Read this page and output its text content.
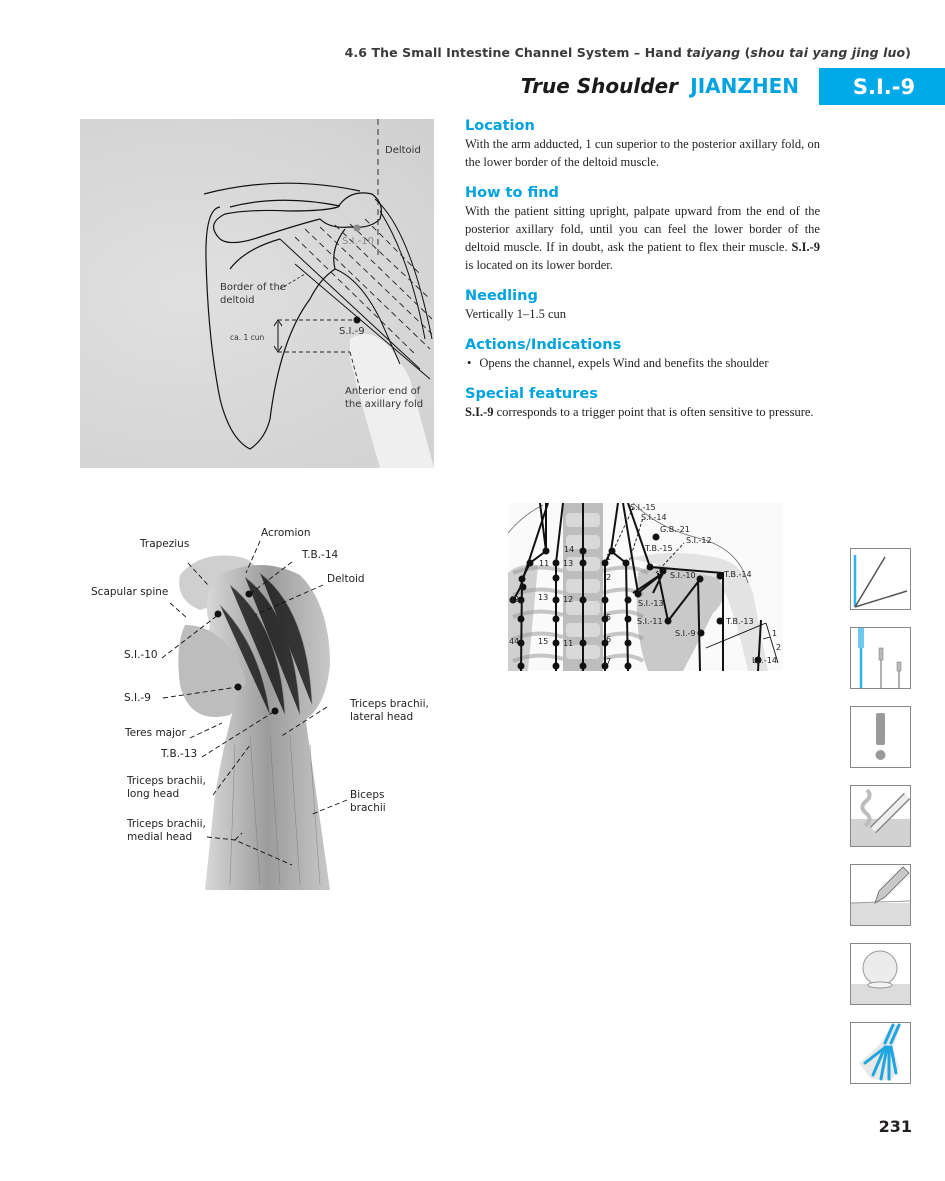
4.6 The Small Intestine Channel System – Hand taiyang (shou tai yang jing luo)
True Shoulder JIANZHEN	S.I.-9
Deltoid
S.I.-10
Border of the
deltoid
ca. 1 cun
S.I.-9
Anterior end of
the axillary fold
Location
With the arm adducted, 1 cun superior to the posterior axillary fold, on the lower border of the deltoid muscle.
How to find
With the patient sitting upright, palpate upward from the end of the posterior axillary fold, until you can feel the lower border of the deltoid muscle. If in doubt, ask the patient to flex their muscle. S.I.-9 is located on its lower border.
Needling
Vertically 1–1.5 cun
Actions/Indications
• Opens the channel, expels Wind and benefits the shoulder
Special features
S.I.-9 corresponds to a trigger point that is often sensitive to pressure.
Trapezius
Acromion
T.B.-14
Deltoid
Scapular spine
S.I.-10
S.I.-9	Triceps brachii,
lateral head
Teres major
T.B.-13
Triceps brachii,
long head	Biceps
brachii
Triceps brachii,
medial head
S.I.-15
S.I.-14
G.B.-21
S.I.-12
T.B.-15
S.I.-10	T.B.-14
S.I.-13
S.I.-11
S.I.-9
T.B.-13
L.I.-14
14
11 13
42 13 12
44 15 11
1
2
5
6
7
1
2
231
